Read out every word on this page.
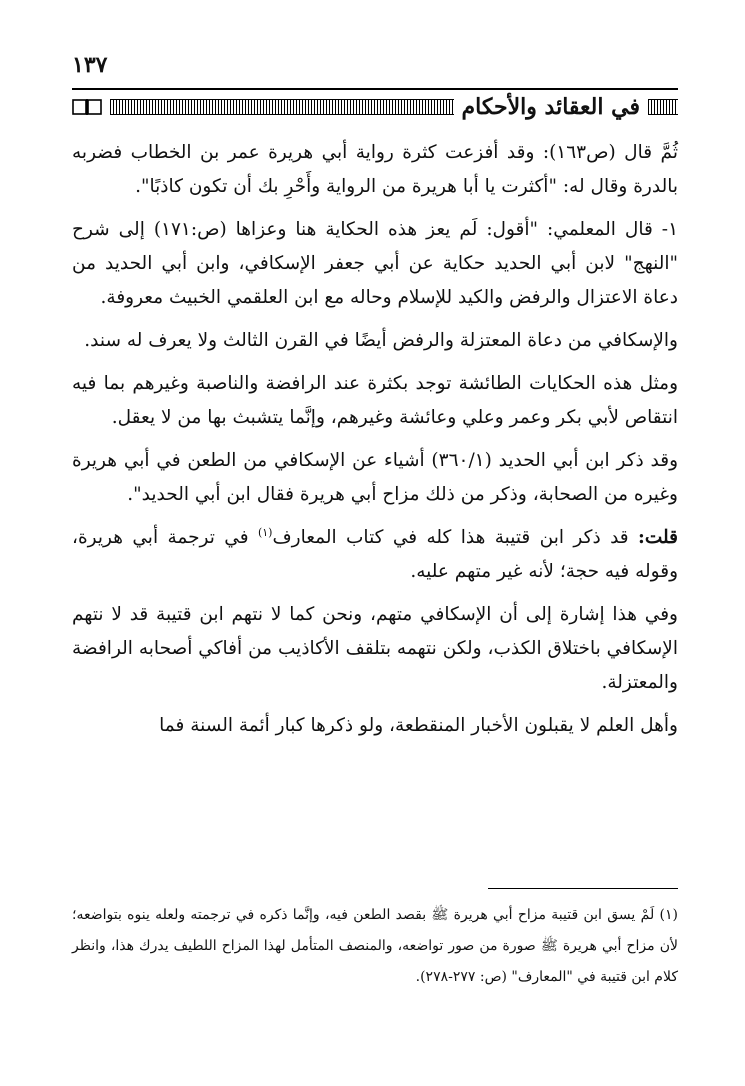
١٣٧
في العقائد والأحكام

ثُمَّ قال (ص١٦٣): وقد أفزعت كثرة رواية أبي هريرة عمر بن الخطاب فضربه بالدرة وقال له: "أكثرت يا أبا هريرة من الرواية وأَحْرِ بك أن تكون كاذبًا".

١- قال المعلمي: "أقول: لَم يعز هذه الحكاية هنا وعزاها (ص:١٧١) إلى شرح "النهج" لابن أبي الحديد حكاية عن أبي جعفر الإسكافي، وابن أبي الحديد من دعاة الاعتزال والرفض والكيد للإسلام وحاله مع ابن العلقمي الخبيث معروفة.

والإسكافي من دعاة المعتزلة والرفض أيضًا في القرن الثالث ولا يعرف له سند.

ومثل هذه الحكايات الطائشة توجد بكثرة عند الرافضة والناصبة وغيرهم بما فيه انتقاص لأبي بكر وعمر وعلي وعائشة وغيرهم، وإنَّما يتشبث بها من لا يعقل.

وقد ذكر ابن أبي الحديد (٣٦٠/١) أشياء عن الإسكافي من الطعن في أبي هريرة وغيره من الصحابة، وذكر من ذلك مزاح أبي هريرة فقال ابن أبي الحديد".

قلت: قد ذكر ابن قتيبة هذا كله في كتاب المعارف$^{(١)}$ في ترجمة أبي هريرة، وقوله فيه حجة؛ لأنه غير متهم عليه.

وفي هذا إشارة إلى أن الإسكافي متهم، ونحن كما لا نتهم ابن قتيبة قد لا نتهم الإسكافي باختلاق الكذب، ولكن نتهمه بتلقف الأكاذيب من أفاكي أصحابه الرافضة والمعتزلة.

وأهل العلم لا يقبلون الأخبار المنقطعة، ولو ذكرها كبار أئمة السنة فما

(١) لَمْ يسق ابن قتيبة مزاح أبي هريرة ﷺ بقصد الطعن فيه، وإنَّما ذكره في ترجمته ولعله ينوه بتواضعه؛ لأن مزاح أبي هريرة ﷺ صورة من صور تواضعه، والمنصف المتأمل لهذا المزاح اللطيف يدرك هذا، وانظر كلام ابن قتيبة في "المعارف" (ص: ٢٧٧-٢٧٨).
